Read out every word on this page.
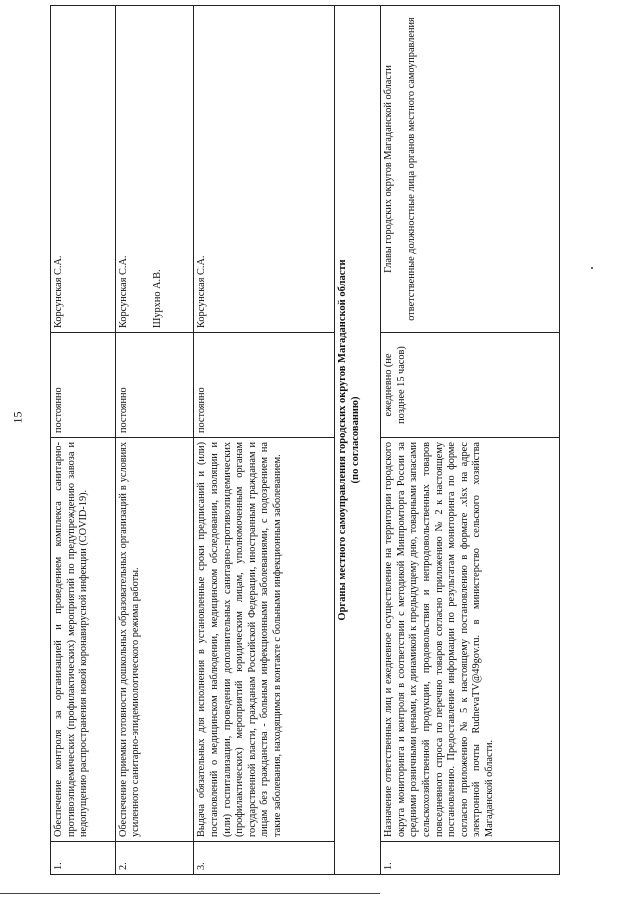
15
1.	Обеспечение контроля за организацией и проведением комплекса санитарно-противоэпидемических (профилактических) мероприятий по предупреждению завоза и недопущению распространения новой коронавирусной инфекции (COVID-19).	постоянно	Корсунская С.А.

2.	Обеспечение приемки готовности дошкольных образовательных организаций в условиях усиленного санитарно-эпидемиологического режима работы.	постоянно	Корсунская С.А. Шурхно А.В.

3.	Выдача обязательных для исполнения в установленные сроки предписаний и (или) постановлений о медицинском наблюдении, медицинском обследовании, изоляции и (или) госпитализации, проведении дополнительных санитарно-противоэпидемических (профилактических) мероприятий юридическим лицам, уполномоченным органам государственной власти, гражданам Российской Федерации, иностранным гражданам и лицам без гражданства - больным инфекционными заболеваниями, с подозрением на такие заболевания, находящимся в контакте с больными инфекционным заболеванием.	постоянно	Корсунская С.А.

Органы местного самоуправления городских округов Магаданской области (по согласованию)			

1.	Назначение ответственных лиц и ежедневное осуществление на территории городского округа мониторинга и контроля в соответствии с методикой Минпромторга России за средними розничными ценами, их динамикой к предыдущему дню, товарными запасами сельскохозяйственной продукции, продовольствия и непродовольственных товаров повседневного спроса по перечню товаров согласно приложению № 2 к настоящему постановлению. Предоставление информации по результатам мониторинга по форме согласно приложению № 5 к настоящему постановлению в формате .xlsx на адрес электронной почты RudnevaTV@49gov.ru. в министерство сельского хозяйства Магаданской области.	ежедневно (не позднее 15 часов)	Главы городских округов Магаданской области ответственные должностные лица органов местного самоуправления
